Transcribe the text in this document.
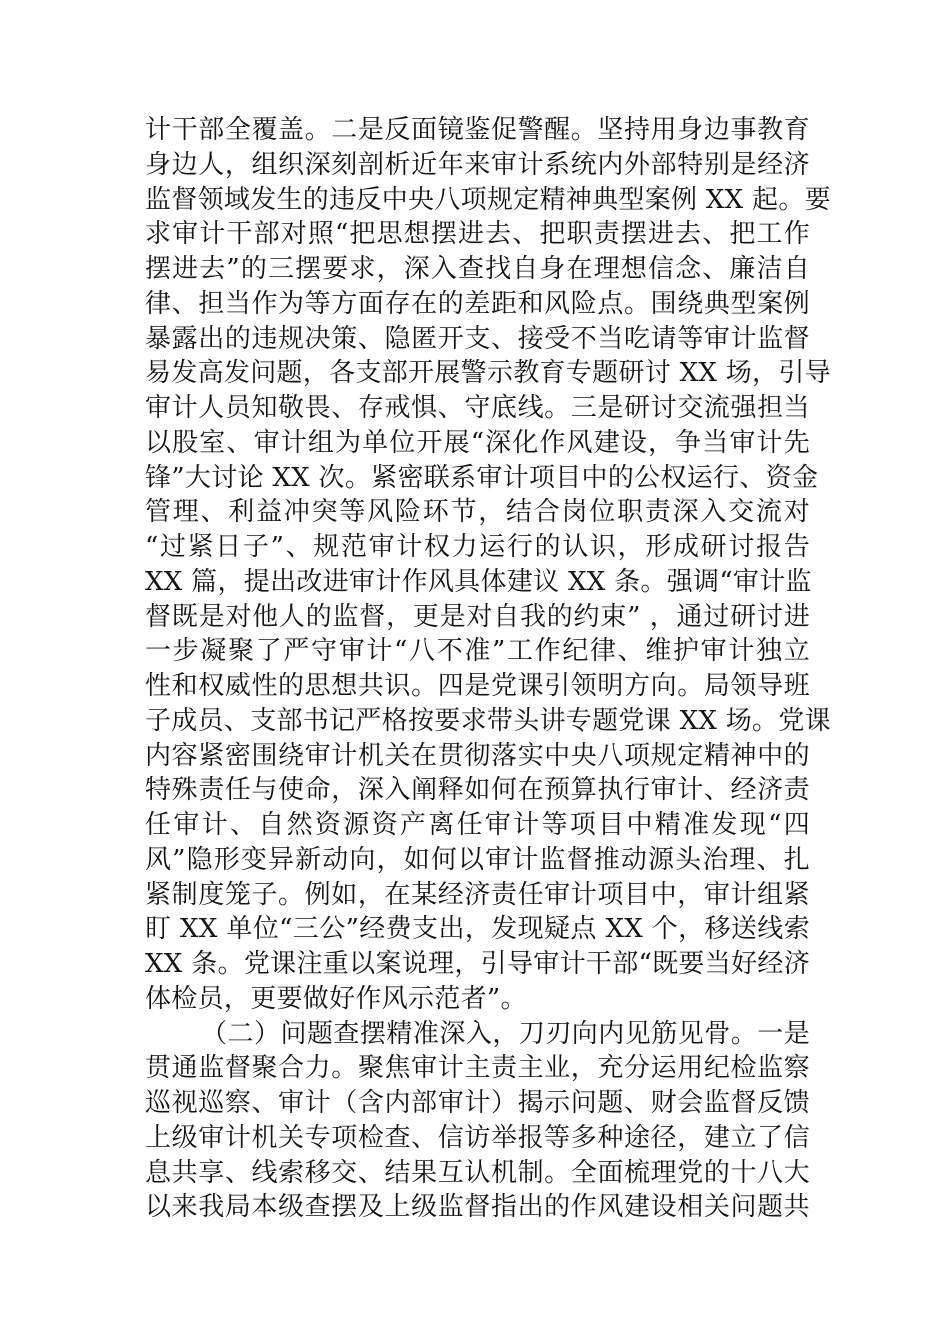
计干部全覆盖。二是反面镜鉴促警醒。坚持用身边事教育
身边人，组织深刻剖析近年来审计系统内外部特别是经济
监督领域发生的违反中央八项规定精神典型案例 XX 起。要
求审计干部对照“把思想摆进去、把职责摆进去、把工作
摆进去”的三摆要求，深入查找自身在理想信念、廉洁自
律、担当作为等方面存在的差距和风险点。围绕典型案例
暴露出的违规决策、隐匿开支、接受不当吃请等审计监督
易发高发问题，各支部开展警示教育专题研讨 XX 场，引导
审计人员知敬畏、存戒惧、守底线。三是研讨交流强担当
以股室、审计组为单位开展“深化作风建设，争当审计先
锋”大讨论 XX 次。紧密联系审计项目中的公权运行、资金
管理、利益冲突等风险环节，结合岗位职责深入交流对
“过紧日子”、规范审计权力运行的认识，形成研讨报告
XX 篇，提出改进审计作风具体建议 XX 条。强调“审计监
督既是对他人的监督，更是对自我的约束” ，通过研讨进
一步凝聚了严守审计“八不准”工作纪律、维护审计独立
性和权威性的思想共识。四是党课引领明方向。局领导班
子成员、支部书记严格按要求带头讲专题党课 XX 场。党课
内容紧密围绕审计机关在贯彻落实中央八项规定精神中的
特殊责任与使命，深入阐释如何在预算执行审计、经济责
任审计、自然资源资产离任审计等项目中精准发现“四
风”隐形变异新动向，如何以审计监督推动源头治理、扎
紧制度笼子。例如，在某经济责任审计项目中，审计组紧
盯 XX 单位“三公”经费支出，发现疑点 XX 个，移送线索
XX 条。党课注重以案说理，引导审计干部“既要当好经济
体检员，更要做好作风示范者”。
（二）问题查摆精准深入，刀刃向内见筋见骨。一是
贯通监督聚合力。聚焦审计主责主业，充分运用纪检监察
巡视巡察、审计（含内部审计）揭示问题、财会监督反馈
上级审计机关专项检查、信访举报等多种途径，建立了信
息共享、线索移交、结果互认机制。全面梳理党的十八大
以来我局本级查摆及上级监督指出的作风建设相关问题共
